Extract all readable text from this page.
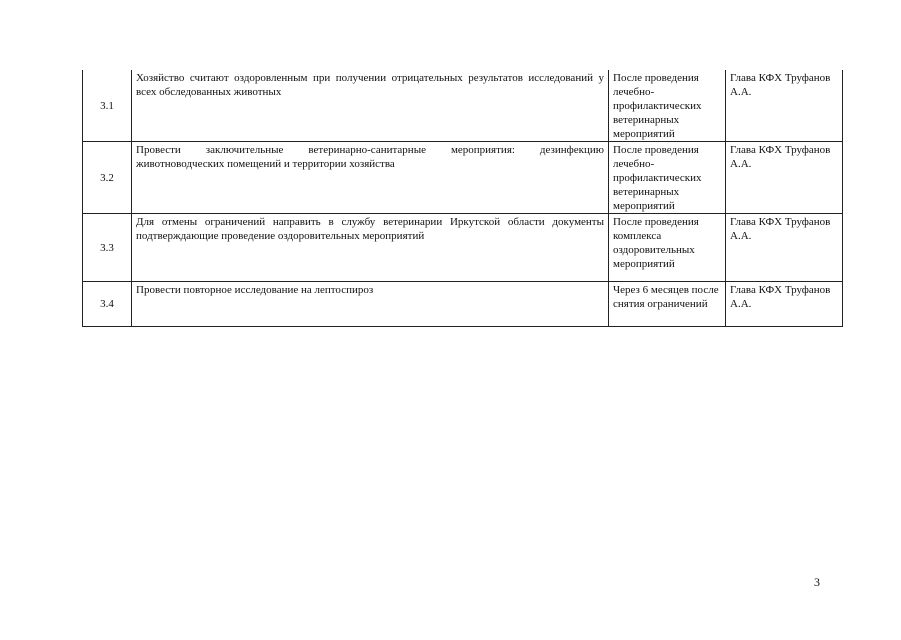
3.1	Хозяйство считают оздоровленным при получении отрицательных результатов исследований у всех обследованных животных	После проведения лечебно-профилактических ветеринарных мероприятий	Глава КФХ Труфанов А.А.
3.2	Провести заключительные ветеринарно-санитарные мероприятия: дезинфекцию животноводческих помещений и территории хозяйства	После проведения лечебно-профилактических ветеринарных мероприятий	Глава КФХ Труфанов А.А.
3.3	Для отмены ограничений направить в службу ветеринарии Иркутской области документы подтверждающие проведение оздоровительных мероприятий	После проведения комплекса оздоровительных мероприятий	Глава КФХ Труфанов А.А.
3.4	Провести повторное исследование на лептоспироз	Через 6 месяцев после снятия ограничений	Глава КФХ Труфанов А.А.
3
